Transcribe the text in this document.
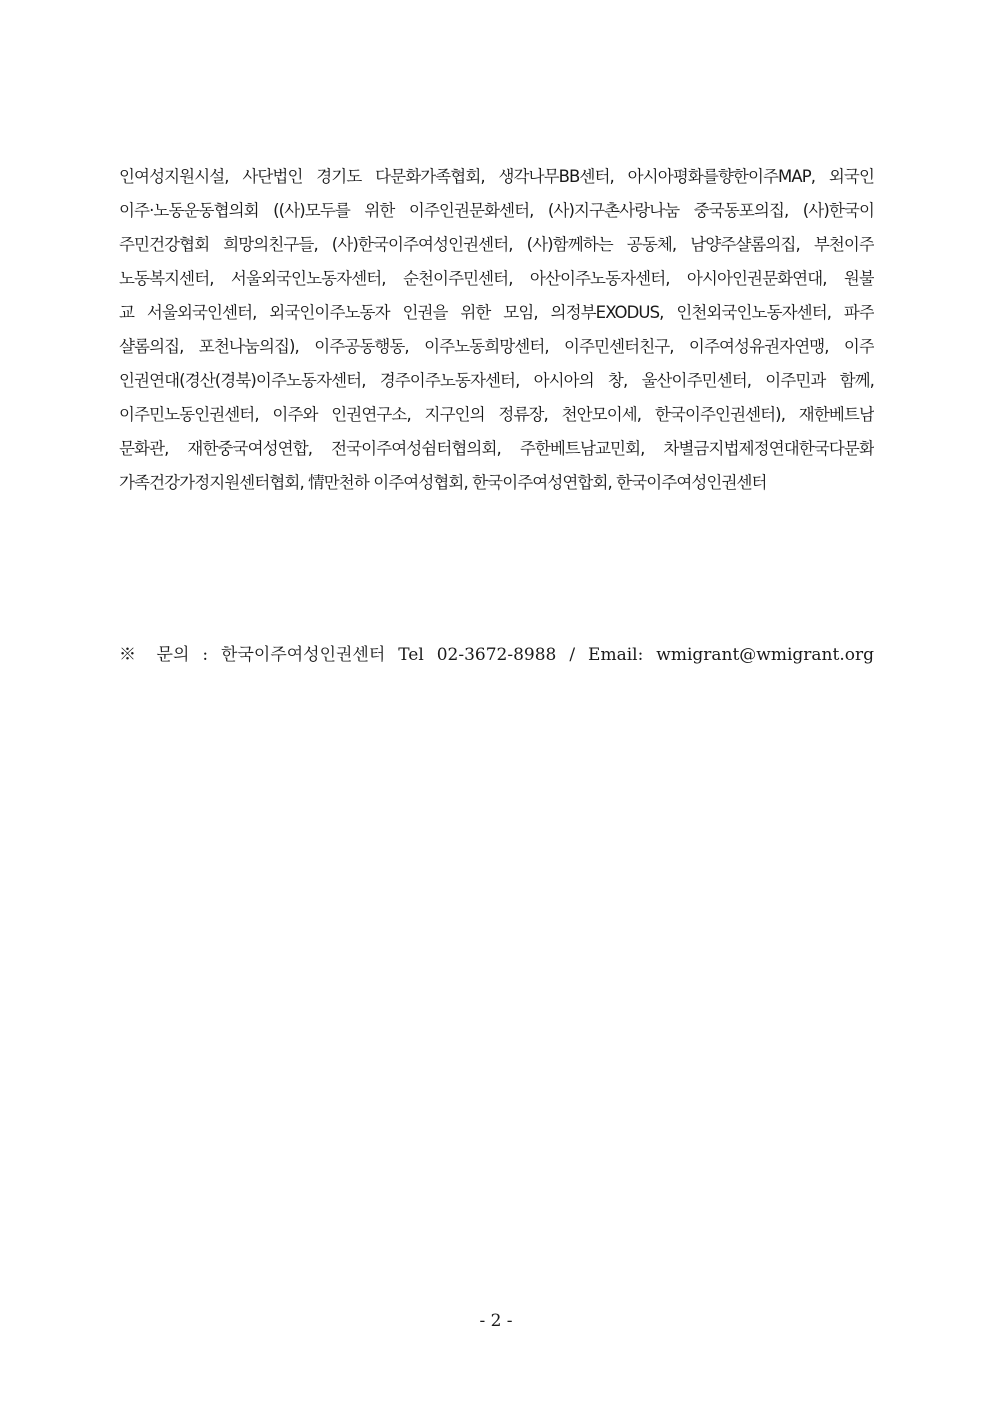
인여성지원시설, 사단법인 경기도 다문화가족협회, 생각나무BB센터, 아시아평화를향한이주MAP, 외국인
이주·노동운동협의회 ((사)모두를 위한 이주인권문화센터, (사)지구촌사랑나눔 중국동포의집, (사)한국이
주민건강협회 희망의친구들, (사)한국이주여성인권센터, (사)함께하는 공동체, 남양주샬롬의집, 부천이주
노동복지센터, 서울외국인노동자센터, 순천이주민센터, 아산이주노동자센터, 아시아인권문화연대, 원불
교 서울외국인센터, 외국인이주노동자 인권을 위한 모임, 의정부EXODUS, 인천외국인노동자센터, 파주
샬롬의집, 포천나눔의집), 이주공동행동, 이주노동희망센터, 이주민센터친구, 이주여성유권자연맹, 이주
인권연대(경산(경북)이주노동자센터, 경주이주노동자센터, 아시아의 창, 울산이주민센터, 이주민과 함께,
이주민노동인권센터, 이주와 인권연구소, 지구인의 정류장, 천안모이세, 한국이주인권센터), 재한베트남
문화관, 재한중국여성연합, 전국이주여성쉼터협의회, 주한베트남교민회, 차별금지법제정연대한국다문화
가족건강가정지원센터협회, 情만천하 이주여성협회, 한국이주여성연합회, 한국이주여성인권센터
※ 문의 : 한국이주여성인권센터 Tel 02-3672-8988 / Email: wmigrant@wmigrant.org
- 2 -
